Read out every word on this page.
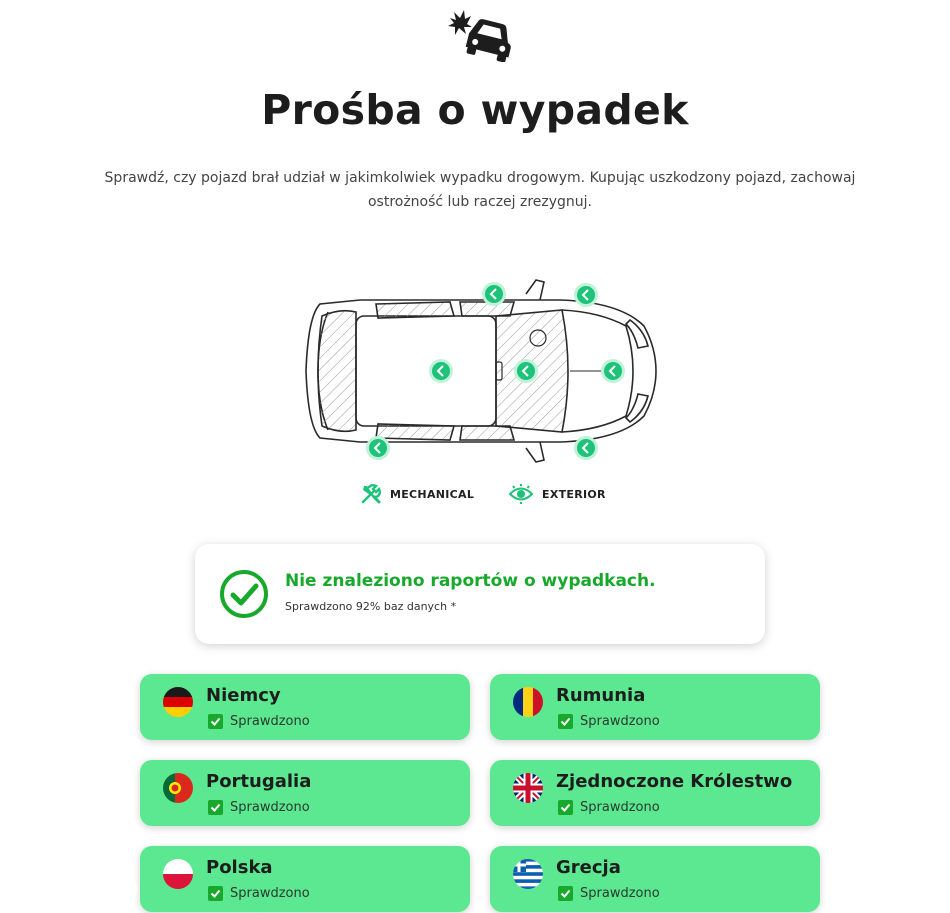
Prośba o wypadek

Sprawdź, czy pojazd brał udział w jakimkolwiek wypadku drogowym. Kupując uszkodzony pojazd, zachowaj
ostrożność lub raczej zrezygnuj.

MECHANICAL	EXTERIOR
Nie znaleziono raportów o wypadkach.
Sprawdzono 92% baz danych *
Niemcy
Sprawdzono
Rumunia
Sprawdzono
Portugalia
Sprawdzono
Zjednoczone Królestwo
Sprawdzono
Polska
Sprawdzono
Grecja
Sprawdzono
OTOMOTO
